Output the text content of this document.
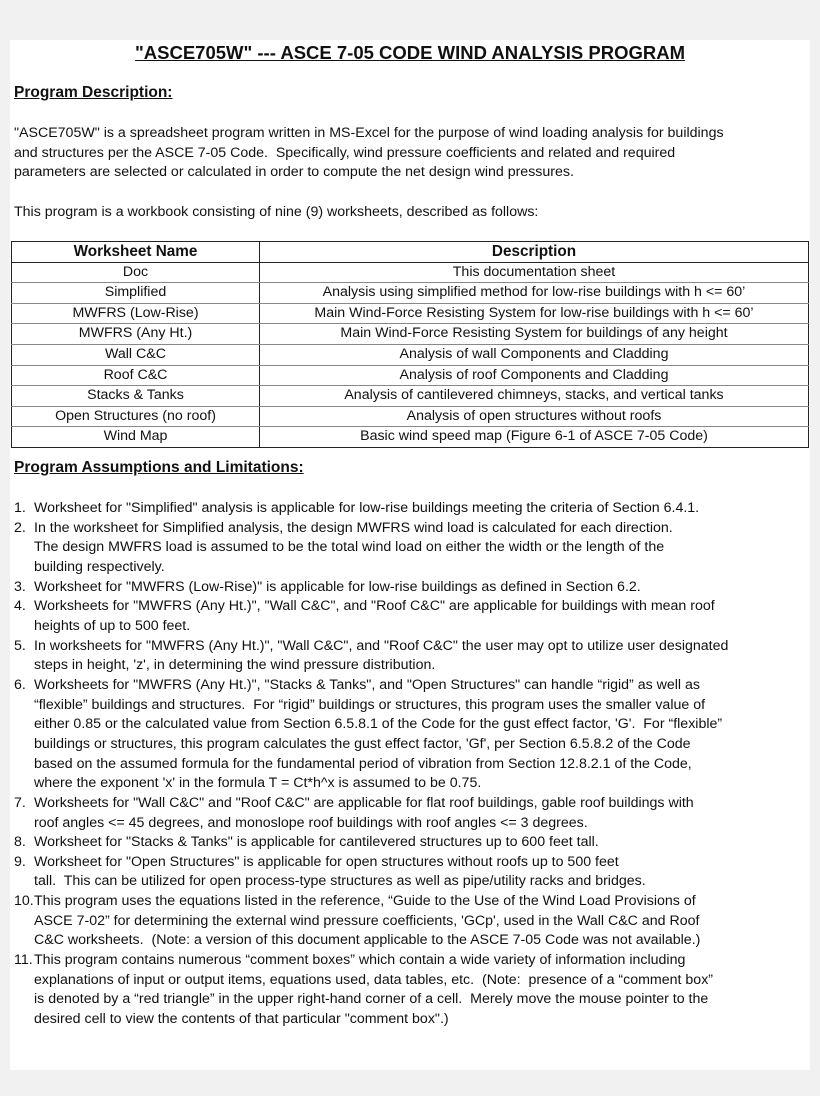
"ASCE705W" --- ASCE 7-05 CODE WIND ANALYSIS PROGRAM
Program Description:
"ASCE705W" is a spreadsheet program written in MS-Excel for the purpose of wind loading analysis for buildings
and structures per the ASCE 7-05 Code.  Specifically, wind pressure coefficients and related and required
parameters are selected or calculated in order to compute the net design wind pressures.
This program is a workbook consisting of nine (9) worksheets, described as follows:
Worksheet Name	Description
Doc	This documentation sheet
Simplified	Analysis using simplified method for low-rise buildings with h <= 60’
MWFRS (Low-Rise)	Main Wind-Force Resisting System for low-rise buildings with h <= 60’
MWFRS (Any Ht.)	Main Wind-Force Resisting System for buildings of any height
Wall C&C	Analysis of wall Components and Cladding
Roof C&C	Analysis of roof Components and Cladding
Stacks & Tanks	Analysis of cantilevered chimneys, stacks, and vertical tanks
Open Structures (no roof)	Analysis of open structures without roofs
Wind Map	Basic wind speed map (Figure 6-1 of ASCE 7-05 Code)
Program Assumptions and Limitations:
1. Worksheet for "Simplified" analysis is applicable for low-rise buildings meeting the criteria of Section 6.4.1.
2. In the worksheet for Simplified analysis, the design MWFRS wind load is calculated for each direction.
The design MWFRS load is assumed to be the total wind load on either the width or the length of the
building respectively.
3. Worksheet for "MWFRS (Low-Rise)" is applicable for low-rise buildings as defined in Section 6.2.
4. Worksheets for "MWFRS (Any Ht.)", "Wall C&C", and "Roof C&C" are applicable for buildings with mean roof
heights of up to 500 feet.
5. In worksheets for "MWFRS (Any Ht.)", "Wall C&C", and "Roof C&C" the user may opt to utilize user designated
steps in height, 'z', in determining the wind pressure distribution.
6. Worksheets for "MWFRS (Any Ht.)", "Stacks & Tanks", and "Open Structures" can handle “rigid” as well as
“flexible” buildings and structures.  For “rigid” buildings or structures, this program uses the smaller value of
either 0.85 or the calculated value from Section 6.5.8.1 of the Code for the gust effect factor, 'G'.  For “flexible”
buildings or structures, this program calculates the gust effect factor, 'Gf', per Section 6.5.8.2 of the Code
based on the assumed formula for the fundamental period of vibration from Section 12.8.2.1 of the Code,
where the exponent 'x' in the formula T = Ct*h^x is assumed to be 0.75.
7. Worksheets for "Wall C&C" and "Roof C&C" are applicable for flat roof buildings, gable roof buildings with
roof angles <= 45 degrees, and monoslope roof buildings with roof angles <= 3 degrees.
8. Worksheet for "Stacks & Tanks" is applicable for cantilevered structures up to 600 feet tall.
9. Worksheet for "Open Structures" is applicable for open structures without roofs up to 500 feet
tall.  This can be utilized for open process-type structures as well as pipe/utility racks and bridges.
10. This program uses the equations listed in the reference, “Guide to the Use of the Wind Load Provisions of
ASCE 7-02” for determining the external wind pressure coefficients, 'GCp', used in the Wall C&C and Roof
C&C worksheets.  (Note: a version of this document applicable to the ASCE 7-05 Code was not available.)
11. This program contains numerous “comment boxes” which contain a wide variety of information including
explanations of input or output items, equations used, data tables, etc.  (Note:  presence of a “comment box”
is denoted by a “red triangle” in the upper right-hand corner of a cell.  Merely move the mouse pointer to the
desired cell to view the contents of that particular "comment box".)
